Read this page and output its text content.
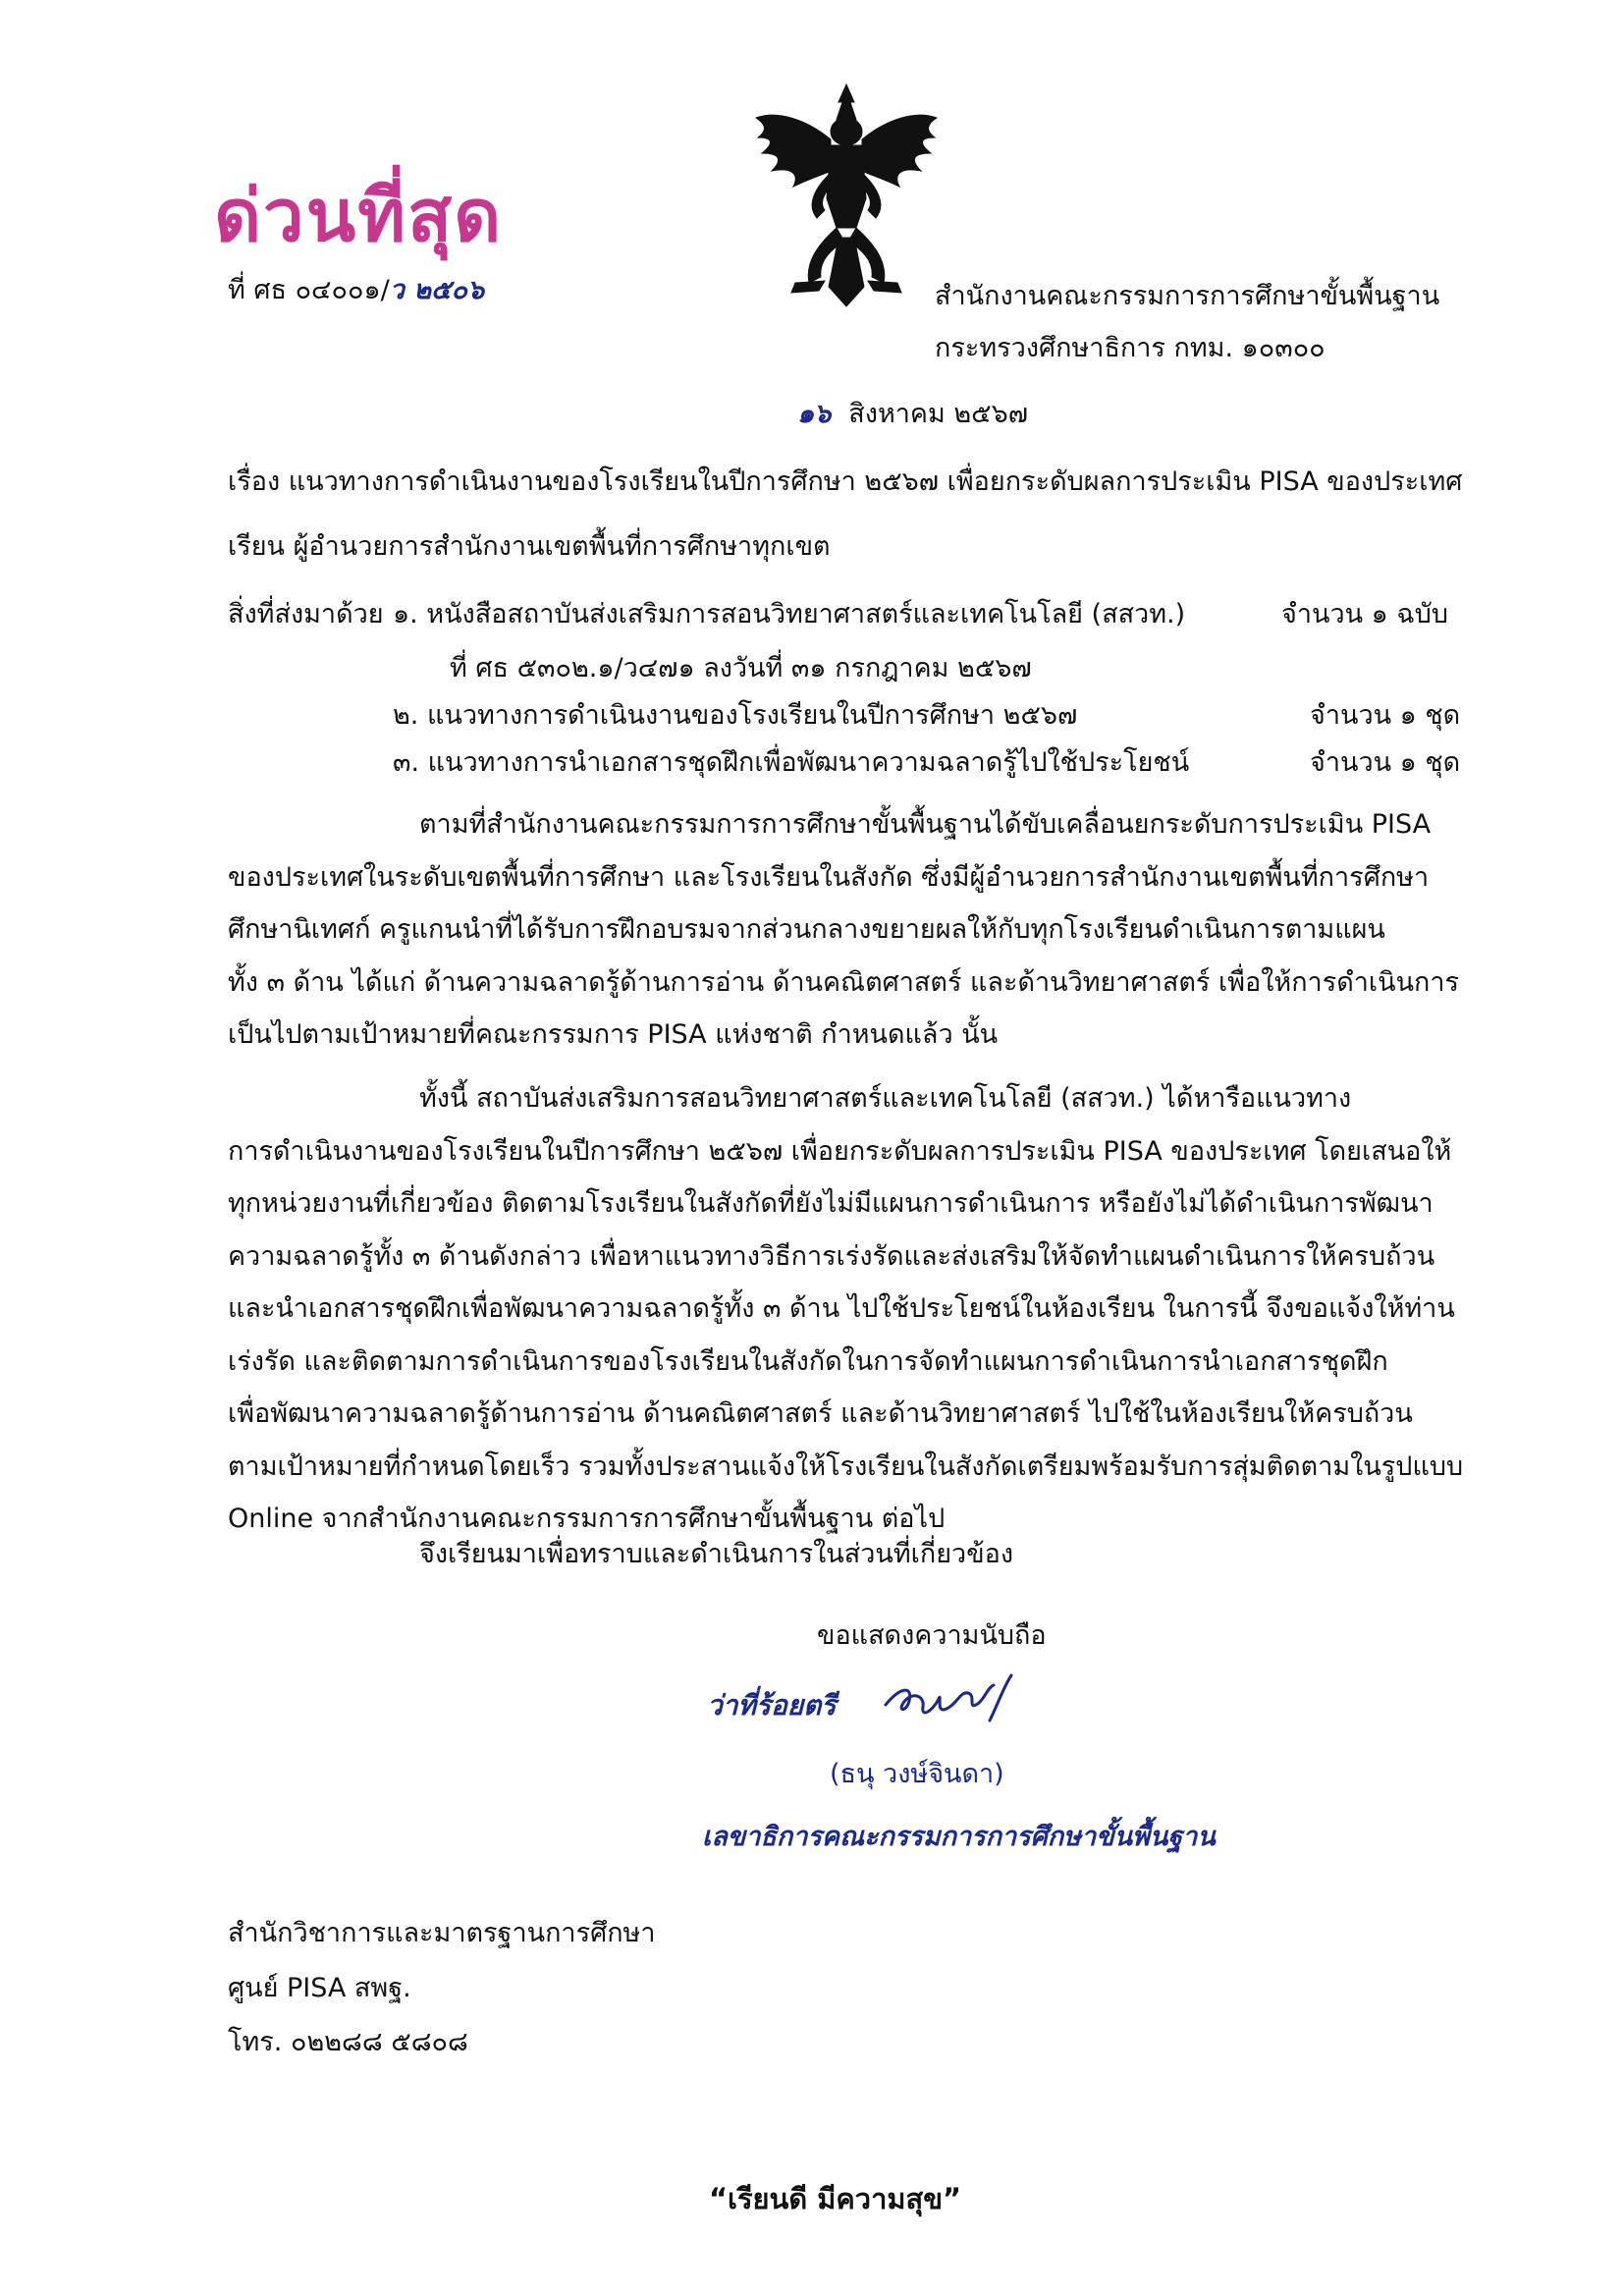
ด่วนที่สุด
ที่ ศธ ๐๔๐๐๑/ว ๒๕๐๖	สำนักงานคณะกรรมการการศึกษาขั้นพื้นฐาน
กระทรวงศึกษาธิการ กทม. ๑๐๓๐๐
๑๖ สิงหาคม ๒๕๖๗
เรื่อง แนวทางการดำเนินงานของโรงเรียนในปีการศึกษา ๒๕๖๗ เพื่อยกระดับผลการประเมิน PISA ของประเทศ
เรียน ผู้อำนวยการสำนักงานเขตพื้นที่การศึกษาทุกเขต
สิ่งที่ส่งมาด้วย ๑. หนังสือสถาบันส่งเสริมการสอนวิทยาศาสตร์และเทคโนโลยี (สสวท.)	จำนวน ๑ ฉบับ
ที่ ศธ ๕๓๐๒.๑/ว๔๗๑ ลงวันที่ ๓๑ กรกฎาคม ๒๕๖๗
๒. แนวทางการดำเนินงานของโรงเรียนในปีการศึกษา ๒๕๖๗	จำนวน ๑ ชุด
๓. แนวทางการนำเอกสารชุดฝึกเพื่อพัฒนาความฉลาดรู้ไปใช้ประโยชน์	จำนวน ๑ ชุด
ตามที่สำนักงานคณะกรรมการการศึกษาขั้นพื้นฐานได้ขับเคลื่อนยกระดับการประเมิน PISA
ของประเทศในระดับเขตพื้นที่การศึกษา และโรงเรียนในสังกัด ซึ่งมีผู้อำนวยการสำนักงานเขตพื้นที่การศึกษา
ศึกษานิเทศก์ ครูแกนนำที่ได้รับการฝึกอบรมจากส่วนกลางขยายผลให้กับทุกโรงเรียนดำเนินการตามแผน
ทั้ง ๓ ด้าน ได้แก่ ด้านความฉลาดรู้ด้านการอ่าน ด้านคณิตศาสตร์ และด้านวิทยาศาสตร์ เพื่อให้การดำเนินการ
เป็นไปตามเป้าหมายที่คณะกรรมการ PISA แห่งชาติ กำหนดแล้ว นั้น
ทั้งนี้ สถาบันส่งเสริมการสอนวิทยาศาสตร์และเทคโนโลยี (สสวท.) ได้หารือแนวทาง
การดำเนินงานของโรงเรียนในปีการศึกษา ๒๕๖๗ เพื่อยกระดับผลการประเมิน PISA ของประเทศ โดยเสนอให้
ทุกหน่วยงานที่เกี่ยวข้อง ติดตามโรงเรียนในสังกัดที่ยังไม่มีแผนการดำเนินการ หรือยังไม่ได้ดำเนินการพัฒนา
ความฉลาดรู้ทั้ง ๓ ด้านดังกล่าว เพื่อหาแนวทางวิธีการเร่งรัดและส่งเสริมให้จัดทำแผนดำเนินการให้ครบถ้วน
และนำเอกสารชุดฝึกเพื่อพัฒนาความฉลาดรู้ทั้ง ๓ ด้าน ไปใช้ประโยชน์ในห้องเรียน ในการนี้ จึงขอแจ้งให้ท่าน
เร่งรัด และติดตามการดำเนินการของโรงเรียนในสังกัดในการจัดทำแผนการดำเนินการนำเอกสารชุดฝึก
เพื่อพัฒนาความฉลาดรู้ด้านการอ่าน ด้านคณิตศาสตร์ และด้านวิทยาศาสตร์ ไปใช้ในห้องเรียนให้ครบถ้วน
ตามเป้าหมายที่กำหนดโดยเร็ว รวมทั้งประสานแจ้งให้โรงเรียนในสังกัดเตรียมพร้อมรับการสุ่มติดตามในรูปแบบ
Online จากสำนักงานคณะกรรมการการศึกษาขั้นพื้นฐาน ต่อไป
จึงเรียนมาเพื่อทราบและดำเนินการในส่วนที่เกี่ยวข้อง
ขอแสดงความนับถือ
ว่าที่ร้อยตรี
(ธนุ วงษ์จินดา)
เลขาธิการคณะกรรมการการศึกษาขั้นพื้นฐาน
สำนักวิชาการและมาตรฐานการศึกษา
ศูนย์ PISA สพฐ.
โทร. ๐๒๒๘๘ ๕๘๐๘
“เรียนดี มีความสุข”
